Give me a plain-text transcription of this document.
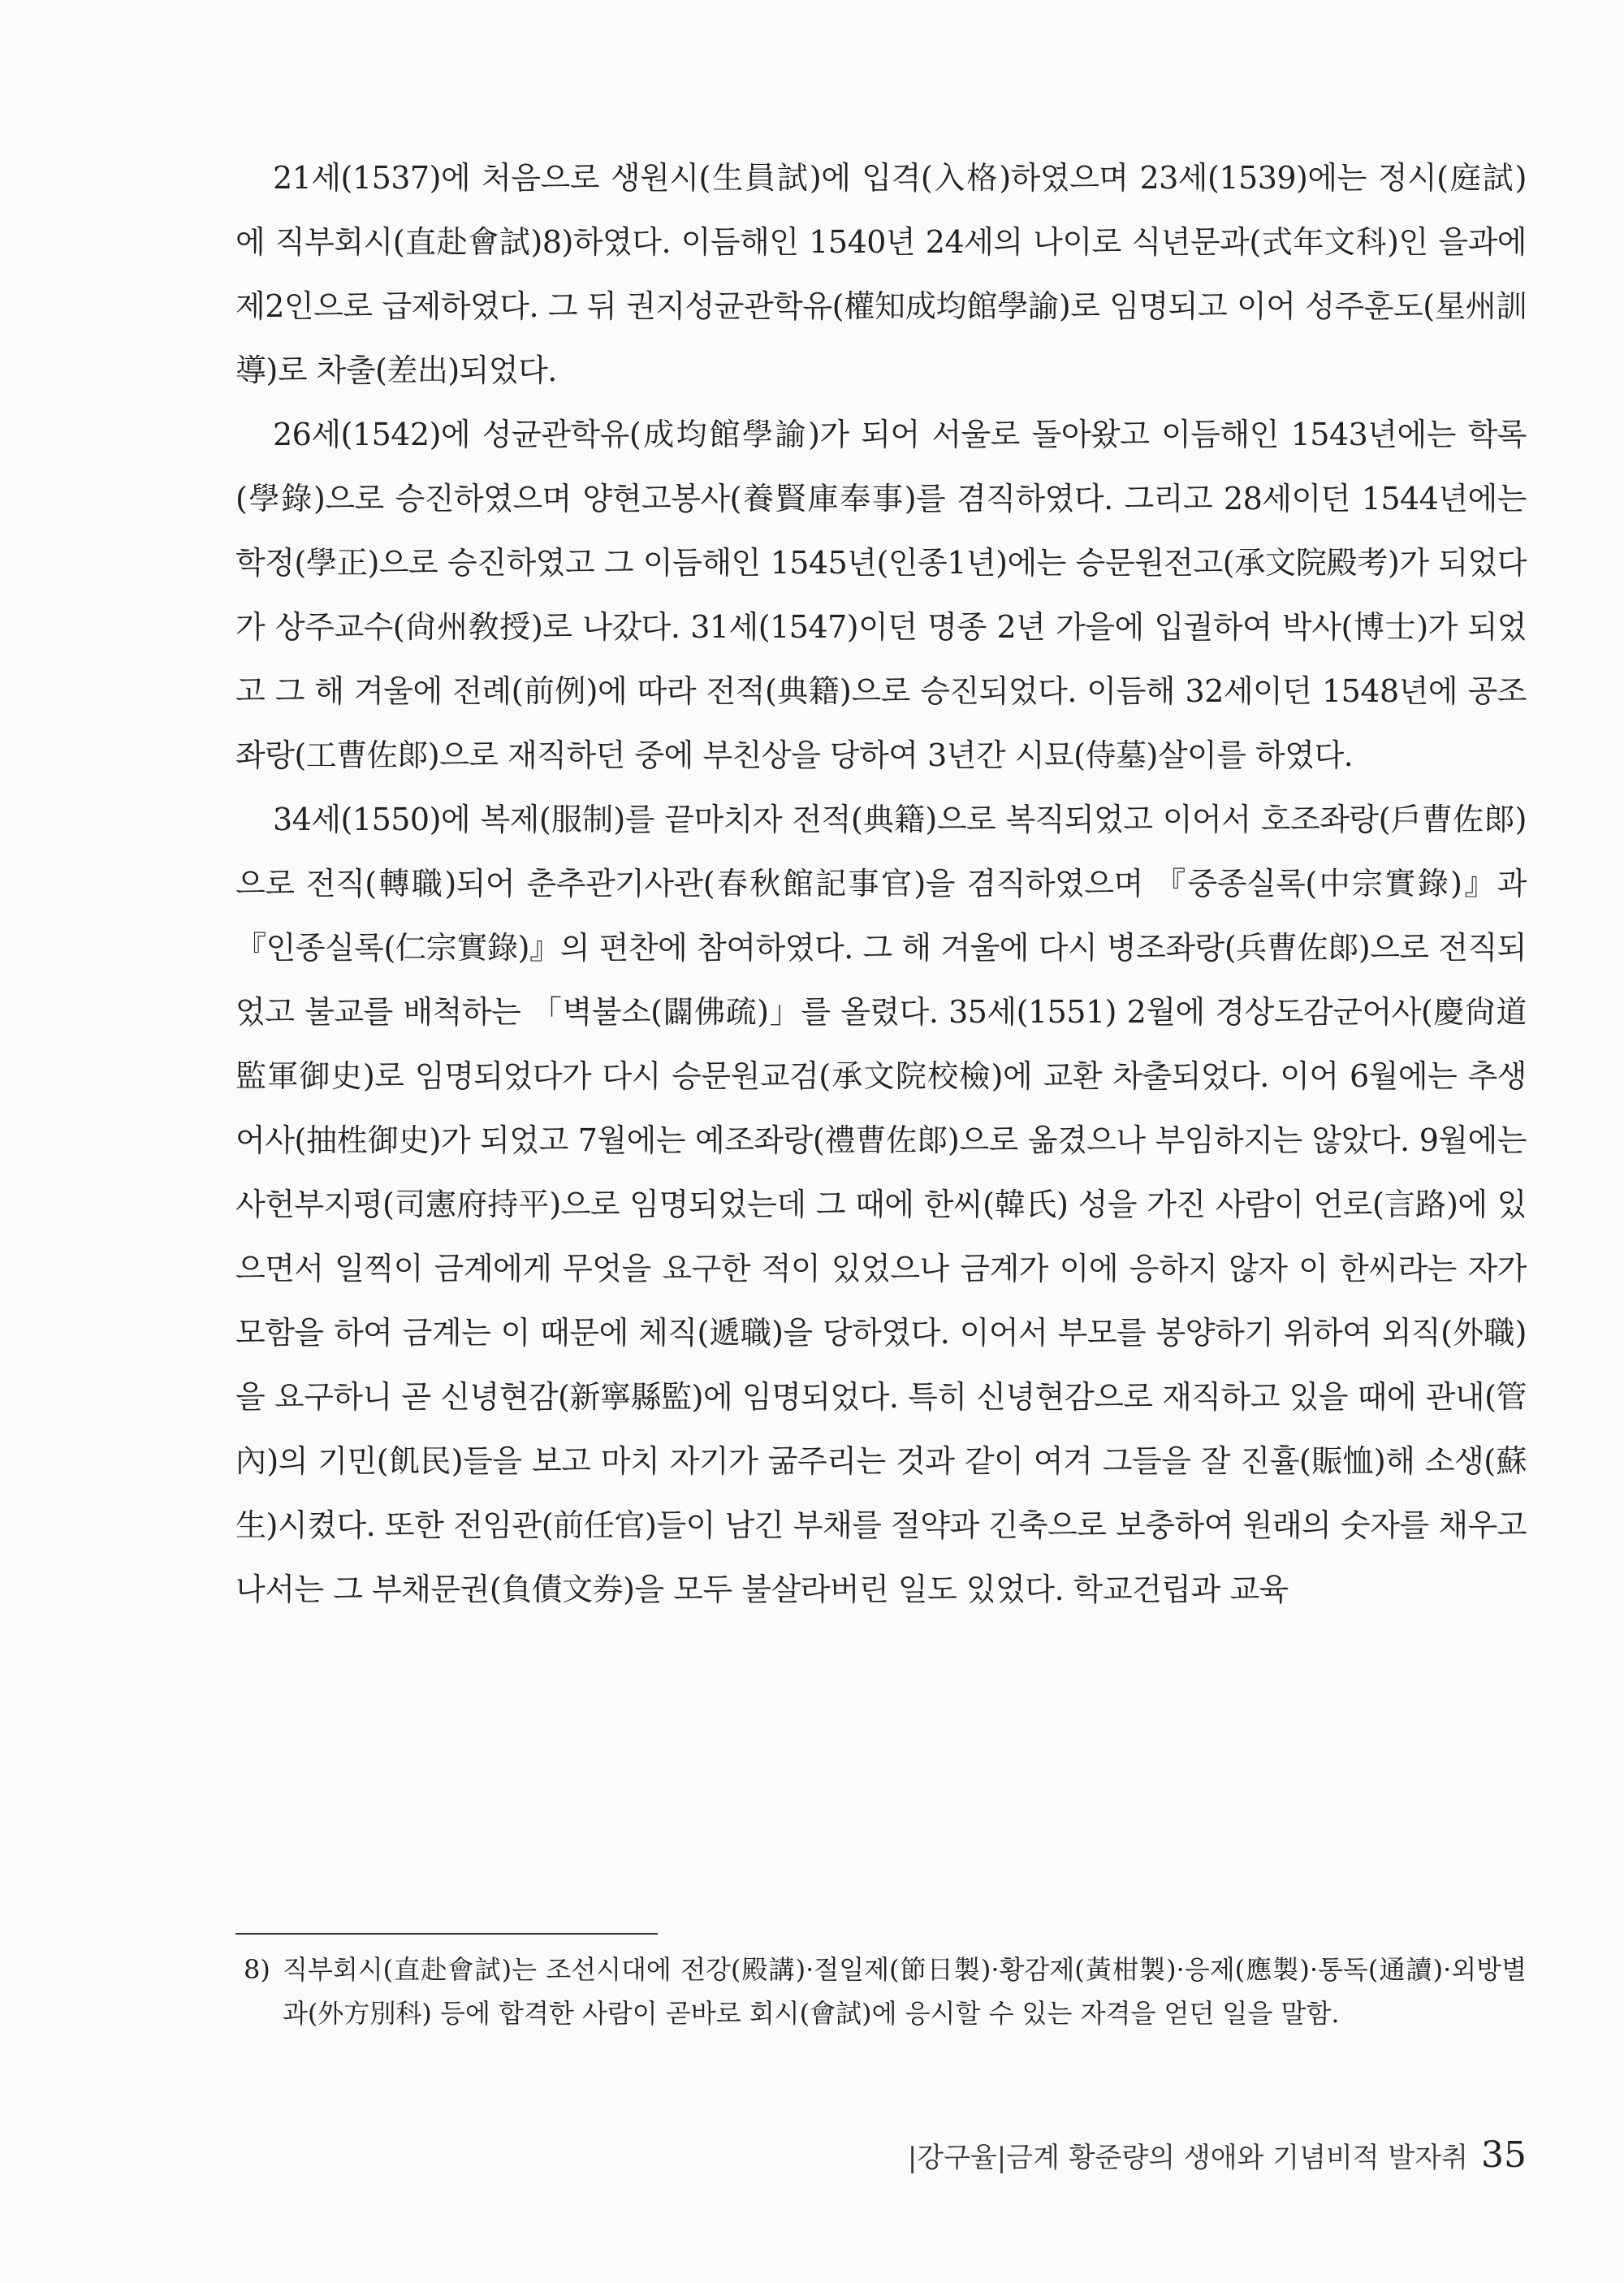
21세(1537)에 처음으로 생원시(生員試)에 입격(入格)하였으며 23세(1539)에는 정시(庭試)에 직부회시(直赴會試)8)하였다. 이듬해인 1540년 24세의 나이로 식년문과(式年文科)인 을과에 제2인으로 급제하였다. 그 뒤 권지성균관학유(權知成均館學諭)로 임명되고 이어 성주훈도(星州訓導)로 차출(差出)되었다.

26세(1542)에 성균관학유(成均館學諭)가 되어 서울로 돌아왔고 이듬해인 1543년에는 학록(學錄)으로 승진하였으며 양현고봉사(養賢庫奉事)를 겸직하였다. 그리고 28세이던 1544년에는 학정(學正)으로 승진하였고 그 이듬해인 1545년(인종1년)에는 승문원전고(承文院殿考)가 되었다가 상주교수(尙州敎授)로 나갔다. 31세(1547)이던 명종 2년 가을에 입궐하여 박사(博士)가 되었고 그 해 겨울에 전례(前例)에 따라 전적(典籍)으로 승진되었다. 이듬해 32세이던 1548년에 공조좌랑(工曹佐郞)으로 재직하던 중에 부친상을 당하여 3년간 시묘(侍墓)살이를 하였다.

34세(1550)에 복제(服制)를 끝마치자 전적(典籍)으로 복직되었고 이어서 호조좌랑(戶曹佐郞)으로 전직(轉職)되어 춘추관기사관(春秋館記事官)을 겸직하였으며 『중종실록(中宗實錄)』과 『인종실록(仁宗實錄)』의 편찬에 참여하였다. 그 해 겨울에 다시 병조좌랑(兵曹佐郞)으로 전직되었고 불교를 배척하는 「벽불소(闢佛疏)」를 올렸다. 35세(1551) 2월에 경상도감군어사(慶尙道監軍御史)로 임명되었다가 다시 승문원교검(承文院校檢)에 교환 차출되었다. 이어 6월에는 추생어사(抽栍御史)가 되었고 7월에는 예조좌랑(禮曹佐郞)으로 옮겼으나 부임하지는 않았다. 9월에는 사헌부지평(司憲府持平)으로 임명되었는데 그 때에 한씨(韓氏) 성을 가진 사람이 언로(言路)에 있으면서 일찍이 금계에게 무엇을 요구한 적이 있었으나 금계가 이에 응하지 않자 이 한씨라는 자가 모함을 하여 금계는 이 때문에 체직(遞職)을 당하였다. 이어서 부모를 봉양하기 위하여 외직(外職)을 요구하니 곧 신녕현감(新寧縣監)에 임명되었다. 특히 신녕현감으로 재직하고 있을 때에 관내(管內)의 기민(飢民)들을 보고 마치 자기가 굶주리는 것과 같이 여겨 그들을 잘 진휼(賑恤)해 소생(蘇生)시켰다. 또한 전임관(前任官)들이 남긴 부채를 절약과 긴축으로 보충하여 원래의 숫자를 채우고 나서는 그 부채문권(負債文券)을 모두 불살라버린 일도 있었다. 학교건립과 교육

8) 직부회시(直赴會試)는 조선시대에 전강(殿講)·절일제(節日製)·황감제(黃柑製)·응제(應製)·통독(通讀)·외방별과(外方別科) 등에 합격한 사람이 곧바로 회시(會試)에 응시할 수 있는 자격을 얻던 일을 말함.
|강구율|금계 황준량의 생애와 기념비적 발자취 35
